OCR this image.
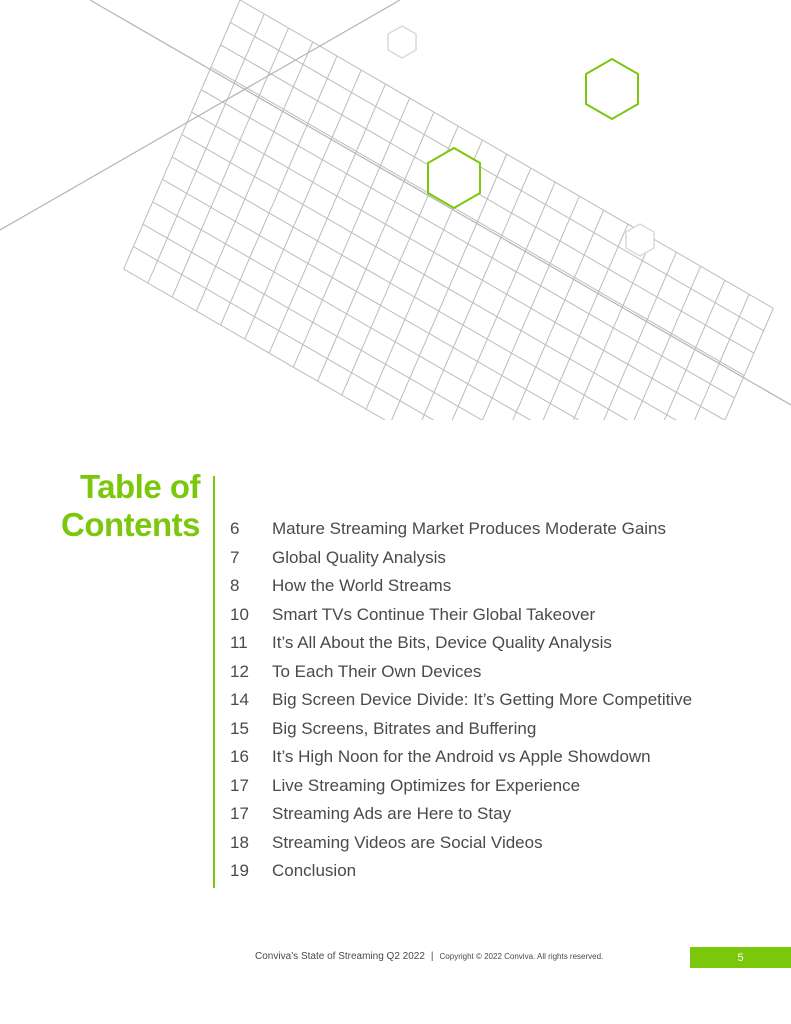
Table of
Contents 6	Mature Streaming Market Produces Moderate Gains
7	Global Quality Analysis
8	How the World Streams
10	Smart TVs Continue Their Global Takeover
11	It’s All About the Bits, Device Quality Analysis
12	To Each Their Own Devices
14	Big Screen Device Divide: It’s Getting More Competitive
15	Big Screens, Bitrates and Buffering
16	It’s High Noon for the Android vs Apple Showdown
17	Live Streaming Optimizes for Experience
17	Streaming Ads are Here to Stay
18	Streaming Videos are Social Videos
19	Conclusion
Conviva’s State of Streaming Q2 2022 | Copyright © 2022 Conviva. All rights reserved.	5
